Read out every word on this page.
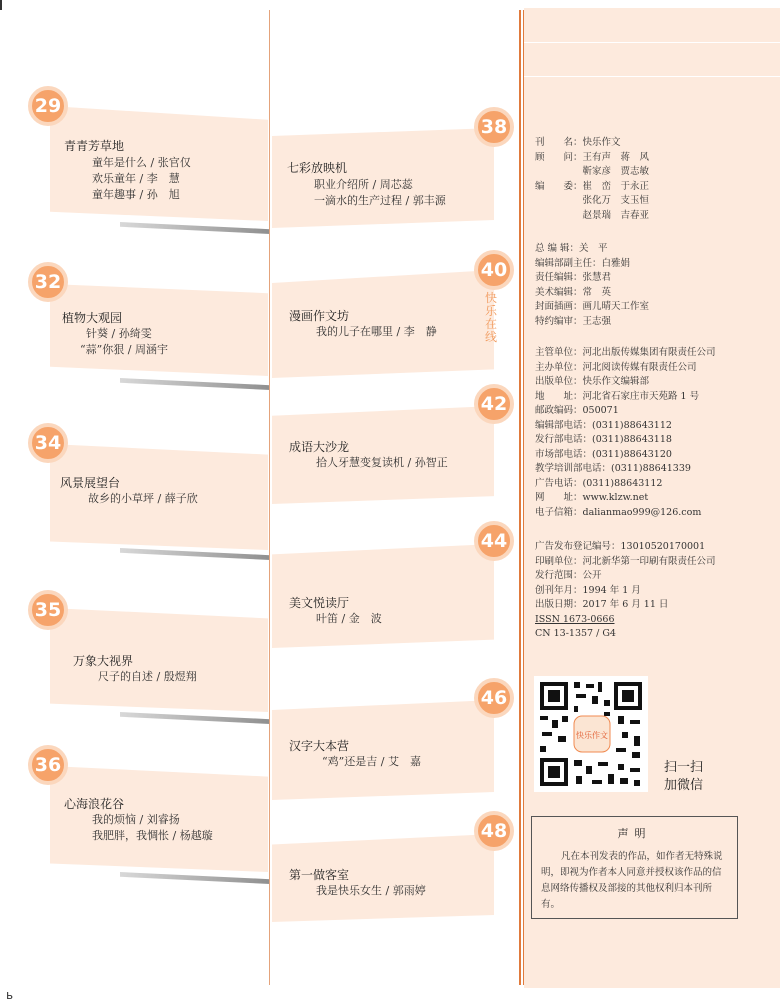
29
青青芳草地
童年是什么 / 张官仅
欢乐童年 / 李　慧
童年趣事 / 孙　旭
32
植物大观园
针葵 / 孙绮雯
“蒜”你狠 / 周涵宇
34
风景展望台
故乡的小草坪 / 薛子欣
35
万象大视界
尺子的自述 / 殷煜翔
36
心海浪花谷
我的烦恼 / 刘睿扬
我肥胖，我惆怅 / 杨越璇
38
七彩放映机
职业介绍所 / 周芯蕊
一滴水的生产过程 / 郭丰源
40
快
乐
在
线
漫画作文坊
我的儿子在哪里 / 李　静
42
成语大沙龙
拾人牙慧变复读机 / 孙智正
44
美文悦读厅
叶笛 / 金　波
46
汉字大本营
“鸡”还是吉 / 艾　嘉
48
第一做客室
我是快乐女生 / 郭雨婷
刊　　名：快乐作文
顾　　问：王有声　蒋　风
　　　　　靳家彦　贾志敏
编　　委：崔　峦　于永正
　　　　　张化万　支玉恒
　　　　　赵景瑞　吉春亚
总 编 辑：关　平
编辑部副主任：白雅娟
责任编辑：张慧君
美术编辑：常　英
封面插画：画儿晴天工作室
特约编审：王志强
主管单位：河北出版传媒集团有限责任公司
主办单位：河北阅读传媒有限责任公司
出版单位：快乐作文编辑部
地　　址：河北省石家庄市天苑路 1 号
邮政编码：050071
编辑部电话：(0311)88643112
发行部电话：(0311)88643118
市场部电话：(0311)88643120
教学培训部电话：(0311)88641339
广告电话：(0311)88643112
网　　址：www.klzw.net
电子信箱：dalianmao999@126.com
广告发布登记编号：13010520170001
印刷单位：河北新华第一印刷有限责任公司
发行范围：公开
创刊年月：1994 年 1 月
出版日期：2017 年 6 月 11 日
ISSN 1673-0666
CN 13-1357 / G4
快乐作文
扫一扫
加微信
声明
凡在本刊发表的作品，如作者无特殊说明，即视为作者本人同意并授权该作品的信息网络传播权及部接的其他权利归本刊所有。
ь
